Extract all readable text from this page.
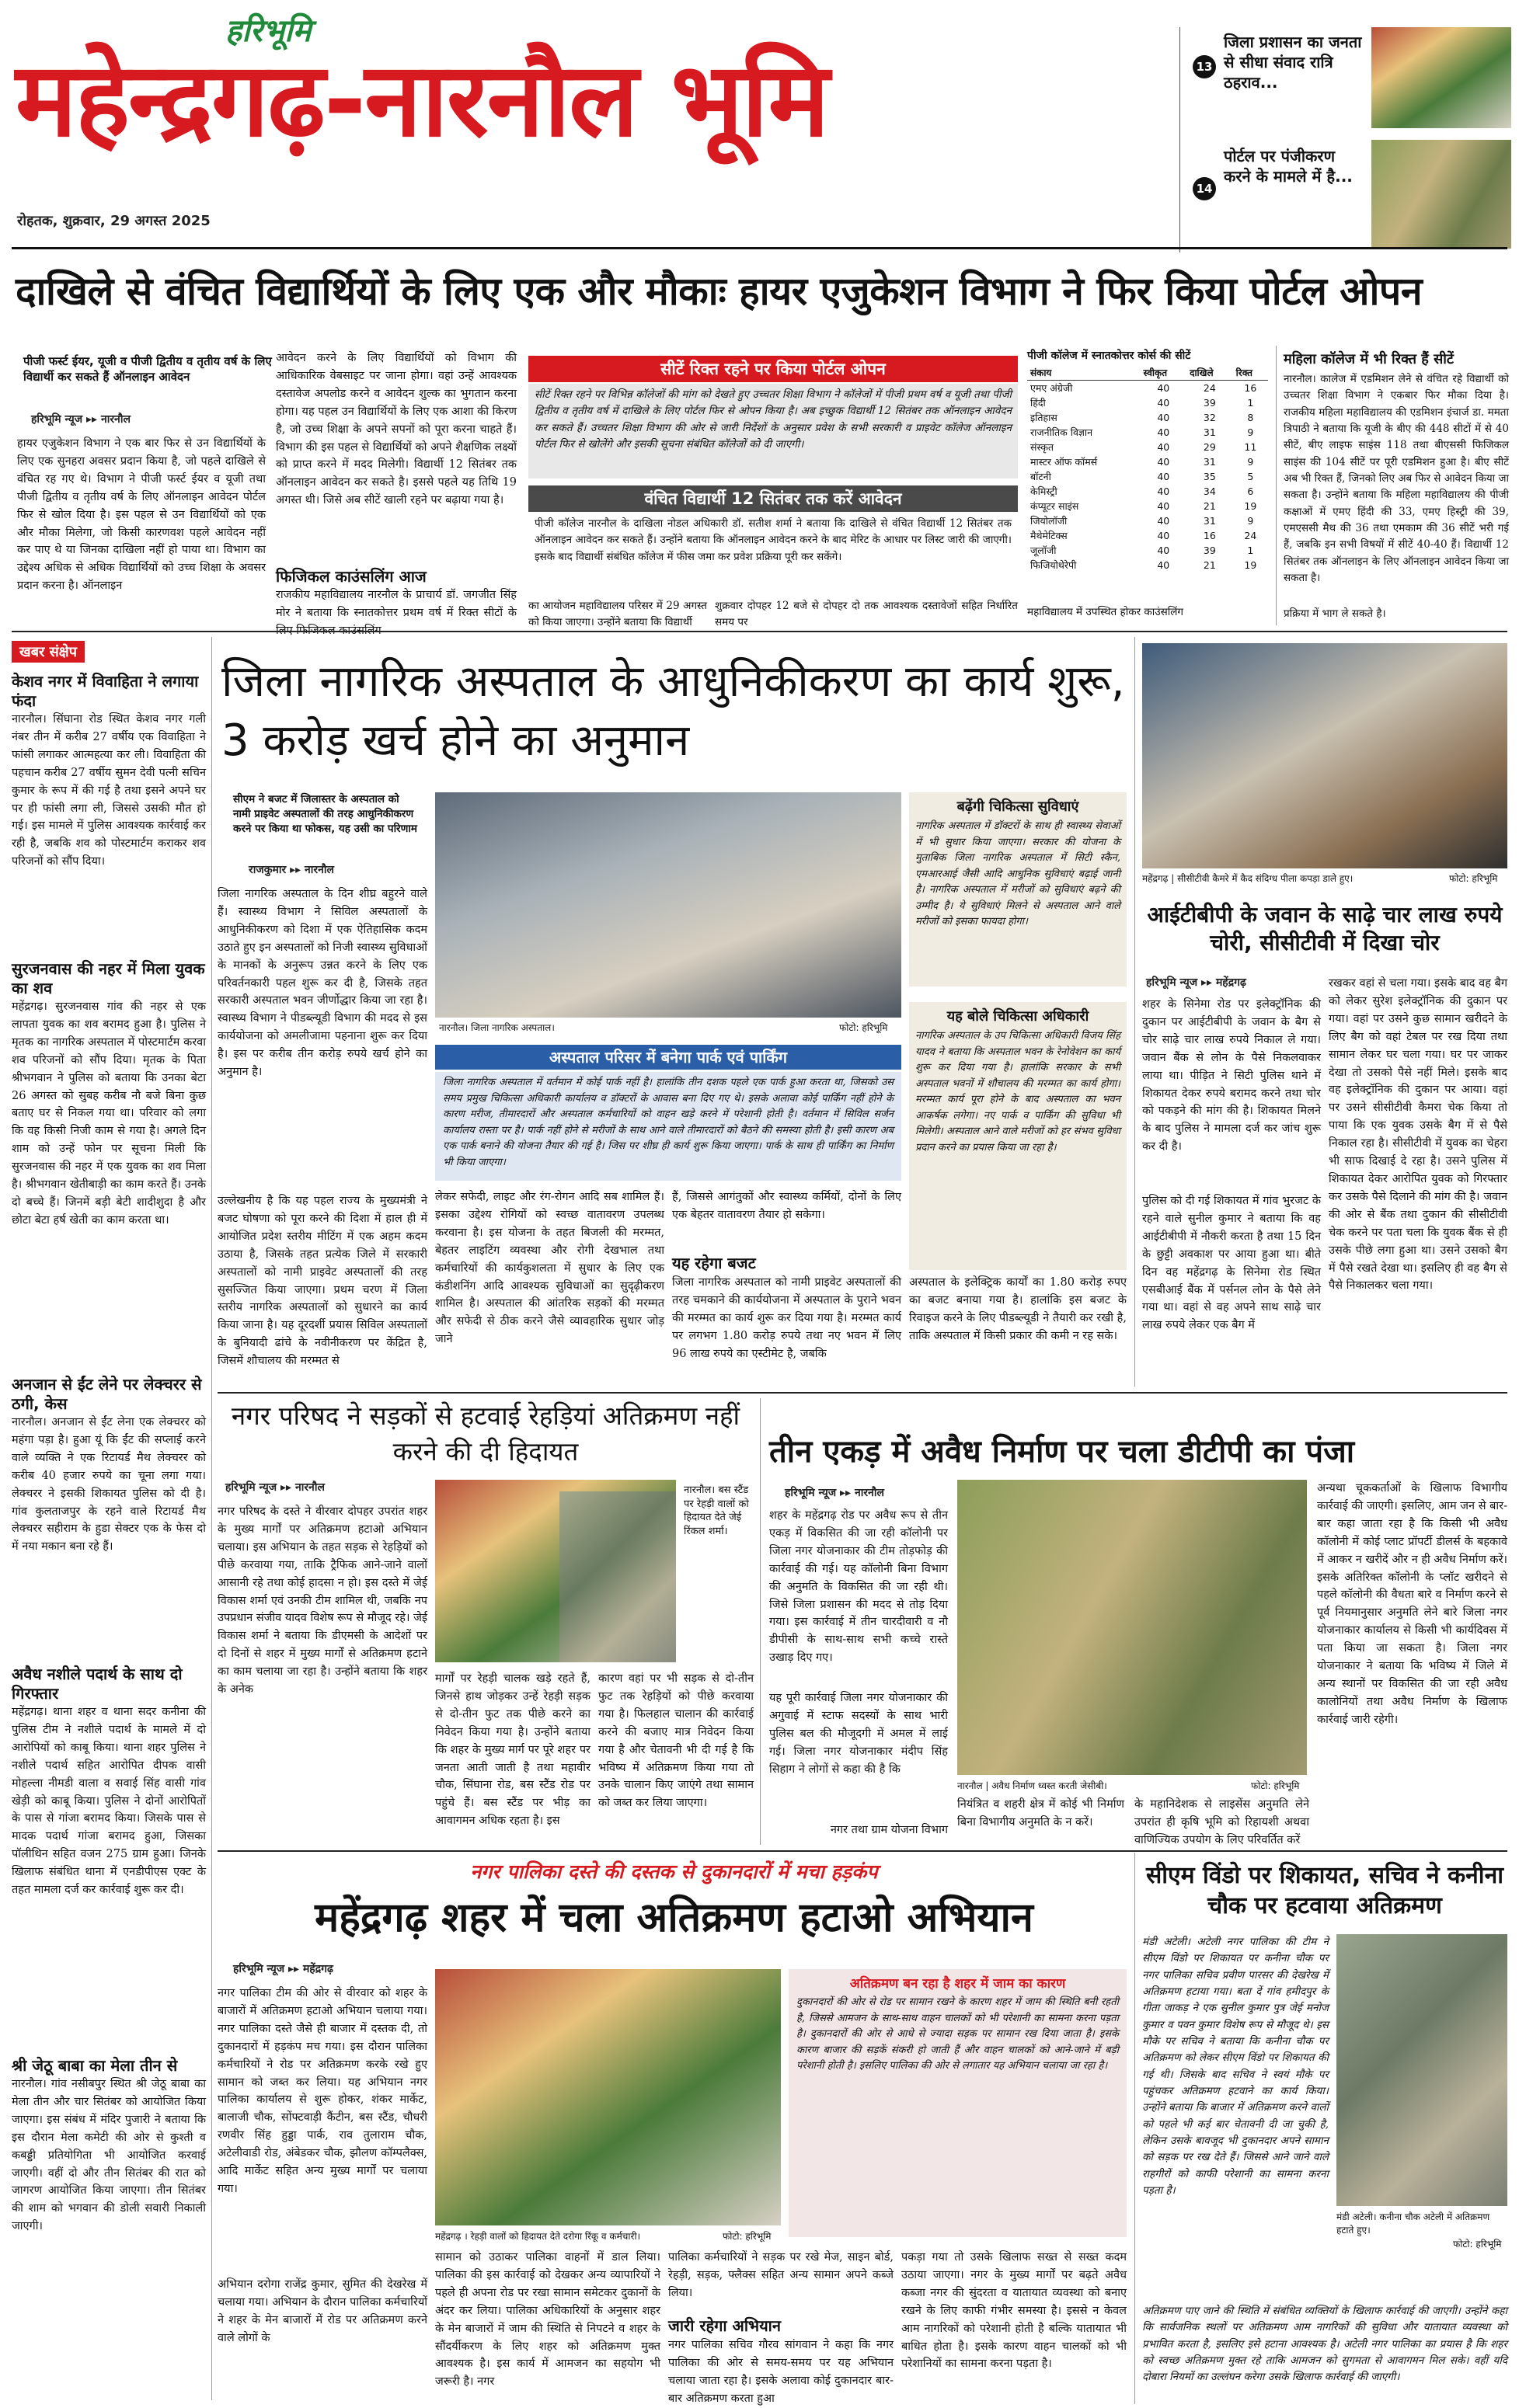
हरिभूमि
महेन्द्रगढ़-नारनौल भूमि
रोहतक, शुक्रवार, 29 अगस्त 2025
13
जिला प्रशासन का जनता से सीधा संवाद रात्रि ठहराव...
14
पोर्टल पर पंजीकरण करने के मामले में है...
दाखिले से वंचित विद्यार्थियों के लिए एक और मौकाः हायर एजुकेशन विभाग ने फिर किया पोर्टल ओपन
पीजी फर्स्ट ईयर, यूजी व पीजी द्वितीय व तृतीय वर्ष के लिए विद्यार्थी कर सकते हैं ऑनलाइन आवेदन
हरिभूमि न्यूज ▸▸ नारनौल
हायर एजुकेशन विभाग ने एक बार फिर से उन विद्यार्थियों के लिए एक सुनहरा अवसर प्रदान किया है, जो पहले दाखिले से वंचित रह गए थे। विभाग ने पीजी फर्स्ट ईयर व यूजी तथा पीजी द्वितीय व तृतीय वर्ष के लिए ऑनलाइन आवेदन पोर्टल फिर से खोल दिया है। इस पहल से उन विद्यार्थियों को एक और मौका मिलेगा, जो किसी कारणवश पहले आवेदन नहीं कर पाए थे या जिनका दाखिला नहीं हो पाया था। विभाग का उद्देश्य अधिक से अधिक विद्यार्थियों को उच्च शिक्षा के अवसर प्रदान करना है। ऑनलाइन
आवेदन करने के लिए विद्यार्थियों को विभाग की आधिकारिक वेबसाइट पर जाना होगा। वहां उन्हें आवश्यक दस्तावेज अपलोड करने व आवेदन शुल्क का भुगतान करना होगा। यह पहल उन विद्यार्थियों के लिए एक आशा की किरण है, जो उच्च शिक्षा के अपने सपनों को पूरा करना चाहते हैं। विभाग की इस पहल से विद्यार्थियों को अपने शैक्षणिक लक्ष्यों को प्राप्त करने में मदद मिलेगी। विद्यार्थी 12 सितंबर तक ऑनलाइन आवेदन कर सकते है। इससे पहले यह तिथि 19 अगस्त थी। जिसे अब सीटें खाली रहने पर बढ़ाया गया है।
फिजिकल काउंसलिंग आज
राजकीय महाविद्यालय नारनौल के प्राचार्य डॉ. जगजीत सिंह मोर ने बताया कि स्नातकोत्तर प्रथम वर्ष में रिक्त सीटों के
सीटें रिक्त रहने पर किया पोर्टल ओपन
सीटें रिक्त रहने पर विभिन्न कॉलेजों की मांग को देखते हुए उच्चतर शिक्षा विभाग ने कॉलेजों में पीजी प्रथम वर्ष व यूजी तथा पीजी द्वितीय व तृतीय वर्ष में दाखिले के लिए पोर्टल फिर से ओपन किया है। अब इच्छुक विद्यार्थी 12 सितंबर तक ऑनलाइन आवेदन कर सकते हैं। उच्चतर शिक्षा विभाग की ओर से जारी निर्देशों के अनुसार प्रवेश के सभी सरकारी व प्राइवेट कॉलेज ऑनलाइन पोर्टल फिर से खोलेंगे और इसकी सूचना संबंधित कॉलेजों को दी जाएगी।
वंचित विद्यार्थी 12 सितंबर तक करें आवेदन
पीजी कॉलेज नारनौल के दाखिला नोडल अधिकारी डॉ. सतीश शर्मा ने बताया कि दाखिले से वंचित विद्यार्थी 12 सितंबर तक ऑनलाइन आवेदन कर सकते हैं। उन्होंने बताया कि ऑनलाइन आवेदन करने के बाद मेरिट के आधार पर लिस्ट जारी की जाएगी। इसके बाद विद्यार्थी संबंधित कॉलेज में फीस जमा कर प्रवेश प्रक्रिया पूरी कर सकेंगे।
पीजी कॉलेज में स्नातकोत्तर कोर्स की सीटें
संकाय	स्वीकृत	दाखिले	रिक्त
एमए अंग्रेजी	40	24	16
हिंदी	40	39	1
इतिहास	40	32	8
राजनीतिक विज्ञान	40	31	9
संस्कृत	40	29	11
मास्टर ऑफ कॉमर्स	40	31	9
बॉटनी	40	35	5
केमिस्ट्री	40	34	6
कंप्यूटर साइंस	40	21	19
जियोलॉजी	40	31	9
मैथेमेटिक्स	40	16	24
जूलॉजी	40	39	1
फिजियोथेरेपी	40	21	19
का आयोजन महाविद्यालय परिसर में 29 अगस्त को किया जाएगा। उन्होंने बताया कि विद्यार्थी
शुक्रवार दोपहर 12 बजे से दोपहर दो तक आवश्यक दस्तावेजों सहित निर्धारित समय पर
महाविद्यालय में उपस्थित होकर काउंसलिंग
महिला कॉलेज में भी रिक्त हैं सीटें
नारनौल। कालेज में एडमिशन लेने से वंचित रहे विद्यार्थी को उच्चतर शिक्षा विभाग ने एकबार फिर मौका दिया है। राजकीय महिला महाविद्यालय की एडमिशन इंचार्ज डा. ममता त्रिपाठी ने बताया कि यूजी के बीए की 448 सीटों में से 40 सीटें, बीए लाइफ साइंस 118 तथा बीएससी फिजिकल साइंस की 104 सीटें पर पूरी एडमिशन हुआ है। बीए सीटें अब भी रिक्त हैं, जिनको लिए अब फिर से आवेदन किया जा सकता है। उन्होंने बताया कि महिला महाविद्यालय की पीजी कक्षाओं में एमए हिंदी की 33, एमए हिस्ट्री की 39, एमएससी मैथ की 36 तथा एमकाम की 36 सीटें भरी गई हैं, जबकि इन सभी विषयों में सीटें 40-40 हैं। विद्यार्थी 12 सितंबर तक ऑनलाइन के लिए ऑनलाइन आवेदन किया जा सकता है।
प्रक्रिया में भाग ले सकते है।
खबर संक्षेप
केशव नगर में विवाहिता ने लगाया फंदा
नारनौल। सिंघाना रोड स्थित केशव नगर गली नंबर तीन में करीब 27 वर्षीय एक विवाहिता ने फांसी लगाकर आत्महत्या कर ली। विवाहिता की पहचान करीब 27 वर्षीय सुमन देवी पत्नी सचिन कुमार के रूप में की गई है तथा इसने अपने घर पर ही फांसी लगा ली, जिससे उसकी मौत हो गई। इस मामले में पुलिस आवश्यक कार्रवाई कर रही है, जबकि शव को पोस्टमार्टम कराकर शव परिजनों को सौंप दिया।
सुरजनवास की नहर में मिला युवक का शव
महेंद्रगढ़। सुरजनवास गांव की नहर से एक लापता युवक का शव बरामद हुआ है। पुलिस ने मृतक का नागरिक अस्पताल में पोस्टमार्टम करवा शव परिजनों को सौंप दिया। मृतक के पिता श्रीभगवान ने पुलिस को बताया कि उनका बेटा 26 अगस्त को सुबह करीब नौ बजे बिना कुछ बताए घर से निकल गया था। परिवार को लगा कि वह किसी निजी काम से गया है। अगले दिन शाम को उन्हें फोन पर सूचना मिली कि सुरजनवास की नहर में एक युवक का शव मिला है। श्रीभगवान खेतीबाड़ी का काम करते हैं। उनके दो बच्चे हैं। जिनमें बड़ी बेटी शादीशुदा है और छोटा बेटा हर्ष खेती का काम करता था।
अनजान से ईंट लेने पर लेक्चरर से ठगी, केस
नारनौल। अनजान से ईंट लेना एक लेक्चरर को महंगा पड़ा है। हुआ यूं कि ईंट की सप्लाई करने वाले व्यक्ति ने एक रिटायर्ड मैथ लेक्चरर को करीब 40 हजार रुपये का चूना लगा गया। लेक्चरर ने इसकी शिकायत पुलिस को दी है। गांव कुलताजपुर के रहने वाले रिटायर्ड मैथ लेक्चरर सहीराम के हुडा सेक्टर एक के फेस दो में नया मकान बना रहे हैं।
अवैध नशीले पदार्थ के साथ दो गिरफ्तार
महेंद्रगढ़। थाना शहर व थाना सदर कनीना की पुलिस टीम ने नशीले पदार्थ के मामले में दो आरोपियों को काबू किया। थाना शहर पुलिस ने नशीले पदार्थ सहित आरोपित दीपक वासी मोहल्ला नीमडी वाला व सवाई सिंह वासी गांव खेड़ी को काबू किया। पुलिस ने दोनों आरोपितों के पास से गांजा बरामद किया। जिसके पास से मादक पदार्थ गांजा बरामद हुआ, जिसका पॉलीथिन सहित वजन 275 ग्राम हुआ। जिनके खिलाफ संबंधित थाना में एनडीपीएस एक्ट के तहत मामला दर्ज कर कार्रवाई शुरू कर दी।
श्री जेठू बाबा का मेला तीन से
नारनौल। गांव नसीबपुर स्थित श्री जेठू बाबा का मेला तीन और चार सितंबर को आयोजित किया जाएगा। इस संबंध में मंदिर पुजारी ने बताया कि इस दौरान मेला कमेटी की ओर से कुश्ती व कबड्डी प्रतियोगिता भी आयोजित करवाई जाएगी। वहीं दो और तीन सितंबर की रात को जागरण आयोजित किया जाएगा। तीन सितंबर की शाम को भगवान की डोली सवारी निकाली जाएगी।
जिला नागरिक अस्पताल के आधुनिकीकरण का कार्य शुरू, 3 करोड़ खर्च होने का अनुमान
सीएम ने बजट में जिलास्तर के अस्पताल को नामी प्राइवेट अस्पतालों की तरह आधुनिकीकरण करने पर किया था फोकस, यह उसी का परिणाम
राजकुमार ▸▸ नारनौल
नारनौल। जिला नागरिक अस्पताल।	फोटो: हरिभूमि
जिला नागरिक अस्पताल के दिन शीघ्र बहुरने वाले हैं। स्वास्थ्य विभाग ने सिविल अस्पतालों के आधुनिकीकरण को दिशा में एक ऐतिहासिक कदम उठाते हुए इन अस्पतालों को निजी स्वास्थ्य सुविधाओं के मानकों के अनुरूप उन्नत करने के लिए एक परिवर्तनकारी पहल शुरू कर दी है, जिसके तहत सरकारी अस्पताल भवन जीर्णोद्धार किया जा रहा है। स्वास्थ्य विभाग ने पीडब्ल्यूडी विभाग की मदद से इस कार्ययोजना को अमलीजामा पहनाना शुरू कर दिया है। इस पर करीब तीन करोड़ रुपये खर्च होने का अनुमान है।
उल्लेखनीय है कि यह पहल राज्य के मुख्यमंत्री ने बजट घोषणा को पूरा करने की दिशा में हाल ही में आयोजित प्रदेश स्तरीय मीटिंग में एक अहम कदम उठाया है, जिसके तहत प्रत्येक जिले में सरकारी अस्पतालों को नामी प्राइवेट अस्पतालों की तरह सुसज्जित किया जाएगा। प्रथम चरण में जिला स्तरीय नागरिक अस्पतालों को सुधारने का कार्य किया जाना है। यह दूरदर्शी प्रयास सिविल अस्पतालों के बुनियादी ढांचे के नवीनीकरण पर केंद्रित है, जिसमें शौचालय की मरम्मत से
अस्पताल परिसर में बनेगा पार्क एवं पार्किंग
जिला नागरिक अस्पताल में वर्तमान में कोई पार्क नहीं है। हालांकि तीन दशक पहले एक पार्क हुआ करता था, जिसको उस समय प्रमुख चिकित्सा अधिकारी कार्यालय व डॉक्टरों के आवास बना दिए गए थे। इसके अलावा कोई पार्किंग नहीं होने के कारण मरीज, तीमारदारों और अस्पताल कर्मचारियों को वाहन खड़े करने में परेशानी होती है। वर्तमान में सिविल सर्जन कार्यालय रास्ता पर है। पार्क नहीं होने से मरीजों के साथ आने वाले तीमारदारों को बैठने की समस्या होती है। इसी कारण अब एक पार्क बनाने की योजना तैयार की गई है। जिस पर शीघ्र ही कार्य शुरू किया जाएगा। पार्क के साथ ही पार्किंग का निर्माण भी किया जाएगा।
लेकर सफेदी, लाइट और रंग-रोगन आदि सब शामिल हैं। इसका उद्देश्य रोगियों को स्वच्छ वातावरण उपलब्ध करवाना है। इस योजना के तहत बिजली की मरम्मत, बेहतर लाइटिंग व्यवस्था और रोगी देखभाल तथा कर्मचारियों की कार्यकुशलता में सुधार के लिए एक कंडीशनिंग आदि आवश्यक सुविधाओं का सुदृढ़ीकरण शामिल है। अस्पताल की आंतरिक सड़कों की मरम्मत और सफेदी से ठीक करने जैसे व्यावहारिक सुधार जोड़ जाने
हैं, जिससे आगंतुकों और स्वास्थ्य कर्मियों, दोनों के लिए एक बेहतर वातावरण तैयार हो सकेगा।
यह रहेगा बजट
जिला नागरिक अस्पताल को नामी प्राइवेट अस्पतालों की तरह चमकाने की कार्ययोजना में अस्पताल के पुराने भवन की मरम्मत का कार्य शुरू कर दिया गया है। मरम्मत कार्य पर लगभग 1.80 करोड़ रुपये तथा नए भवन में लिए 96 लाख रुपये का एस्टीमेट है, जबकि
अस्पताल के इलेक्ट्रिक कार्यों का 1.80 करोड़ रुपए का बजट बनाया गया है। हालांकि इस बजट के रिवाइज करने के लिए पीडब्ल्यूडी ने तैयारी कर रखी है, ताकि अस्पताल में किसी प्रकार की कमी न रह सके।
बढ़ेंगी चिकित्सा सुविधाएं
नागरिक अस्पताल में डॉक्टरों के साथ ही स्वास्थ्य सेवाओं में भी सुधार किया जाएगा। सरकार की योजना के मुताबिक जिला नागरिक अस्पताल में सिटी स्कैन, एमआरआई जैसी आदि आधुनिक सुविधाएं बढ़ाई जानी है। नागरिक अस्पताल में मरीजों को सुविधाएं बढ़ने की उम्मीद है। ये सुविधाएं मिलने से अस्पताल आने वाले मरीजों को इसका फायदा होगा।
यह बोले चिकित्सा अधिकारी
नागरिक अस्पताल के उप चिकित्सा अधिकारी विजय सिंह यादव ने बताया कि अस्पताल भवन के रेनोवेशन का कार्य शुरू कर दिया गया है। हालांकि सरकार के सभी अस्पताल भवनों में शौचालय की मरम्मत का कार्य होगा। मरम्मत कार्य पूरा होने के बाद अस्पताल का भवन आकर्षक लगेगा। नए पार्क व पार्किंग की सुविधा भी मिलेगी। अस्पताल आने वाले मरीजों को हर संभव सुविधा प्रदान करने का प्रयास किया जा रहा है।
महेंद्रगढ़ | सीसीटीवी कैमरे में कैद संदिग्ध पीला कपड़ा डाले हुए।	फोटो: हरिभूमि
आईटीबीपी के जवान के साढ़े चार लाख रुपये चोरी, सीसीटीवी में दिखा चोर
हरिभूमि न्यूज ▸▸ महेंद्रगढ़
शहर के सिनेमा रोड पर इलेक्ट्रॉनिक की दुकान पर आईटीबीपी के जवान के बैग से चोर साढ़े चार लाख रुपये निकाल ले गया। जवान बैंक से लोन के पैसे निकलवाकर लाया था। पीड़ित ने सिटी पुलिस थाने में शिकायत देकर रुपये बरामद करने तथा चोर को पकड़ने की मांग की है। शिकायत मिलने के बाद पुलिस ने मामला दर्ज कर जांच शुरू कर दी है।
पुलिस को दी गई शिकायत में गांव भुरजट के रहने वाले सुनील कुमार ने बताया कि वह आईटीबीपी में नौकरी करता है तथा 15 दिन के छुट्टी अवकाश पर आया हुआ था। बीते दिन वह महेंद्रगढ़ के सिनेमा रोड स्थित एसबीआई बैंक में पर्सनल लोन के पैसे लेने गया था। वहां से वह अपने साथ साढ़े चार लाख रुपये लेकर एक बैग में
रखकर वहां से चला गया। इसके बाद वह बैग को लेकर सुरेश इलेक्ट्रॉनिक की दुकान पर गया। वहां पर उसने कुछ सामान खरीदने के लिए बैग को वहां टेबल पर रख दिया तथा सामान लेकर घर चला गया। घर पर जाकर देखा तो उसको पैसे नहीं मिले। इसके बाद वह इलेक्ट्रॉनिक की दुकान पर आया। वहां पर उसने सीसीटीवी कैमरा चेक किया तो पाया कि एक युवक उसके बैग में से पैसे निकाल रहा है। सीसीटीवी में युवक का चेहरा भी साफ दिखाई दे रहा है। उसने पुलिस में शिकायत देकर आरोपित युवक को गिरफ्तार कर उसके पैसे दिलाने की मांग की है। जवान की ओर से बैंक तथा दुकान की सीसीटीवी चेक करने पर पता चला कि युवक बैंक से ही उसके पीछे लगा हुआ था। उसने उसको बैग में पैसे रखते देखा था। इसलिए ही वह बैग से पैसे निकालकर चला गया।
नगर परिषद ने सड़कों से हटवाई रेहड़ियां अतिक्रमण नहीं करने की दी हिदायत
हरिभूमि न्यूज ▸▸ नारनौल	नारनौल। बस स्टैंड पर रेहड़ी वालों को हिदायत देते जेई रिंकल शर्मा।
नगर परिषद के दस्ते ने वीरवार दोपहर उपरांत शहर के मुख्य मार्गों पर अतिक्रमण हटाओ अभियान चलाया। इस अभियान के तहत सड़क से रेहड़ियों को पीछे करवाया गया, ताकि ट्रैफिक आने-जाने वालों आसानी रहे तथा कोई हादसा न हो। इस दस्ते में जेई विकास शर्मा एवं उनकी टीम शामिल थी, जबकि नप उपप्रधान संजीव यादव विशेष रूप से मौजूद रहे। जेई विकास शर्मा ने बताया कि डीएमसी के आदेशों पर दो दिनों से शहर में मुख्य मार्गों से अतिक्रमण हटाने का काम चलाया जा रहा है। उन्होंने बताया कि शहर के अनेक
मार्गों पर रेहड़ी चालक खड़े रहते हैं, जिनसे हाथ जोड़कर उन्हें रेहड़ी सड़क से दो-तीन फुट तक पीछे करने का निवेदन किया गया है। उन्होंने बताया कि शहर के मुख्य मार्ग पर पूरे शहर पर जनता आती जाती है तथा महावीर चौक, सिंघाना रोड, बस स्टैंड रोड पर पहुंचे हैं। बस स्टैंड पर भीड़ का आवागमन अधिक रहता है। इस
कारण वहां पर भी सड़क से दो-तीन फुट तक रेहड़ियों को पीछे करवाया गया है। फिलहाल चालान की कार्रवाई करने की बजाए मात्र निवेदन किया गया है और चेतावनी भी दी गई है कि भविष्य में अतिक्रमण किया गया तो उनके चालान किए जाएंगे तथा सामान को जब्त कर लिया जाएगा।
तीन एकड़ में अवैध निर्माण पर चला डीटीपी का पंजा
हरिभूमि न्यूज ▸▸ नारनौल
शहर के महेंद्रगढ़ रोड पर अवैध रूप से तीन एकड़ में विकसित की जा रही कॉलोनी पर जिला नगर योजनाकार की टीम तोड़फोड़ की कार्रवाई की गई। यह कॉलोनी बिना विभाग की अनुमति के विकसित की जा रही थी। जिसे जिला प्रशासन की मदद से तोड़ दिया गया। इस कार्रवाई में तीन चारदीवारी व नौ डीपीसी के साथ-साथ सभी कच्चे रास्ते उखाड़ दिए गए।
यह पूरी कार्रवाई जिला नगर योजनाकार की अगुवाई में स्टाफ सदस्यों के साथ भारी पुलिस बल की मौजूदगी में अमल में लाई गई। जिला नगर योजनाकार मंदीप सिंह सिहाग ने लोगों से कहा की है कि
नारनौल | अवैध निर्माण ध्वस्त करती जेसीबी।	फोटो: हरिभूमि
नियंत्रित व शहरी क्षेत्र में कोई भी निर्माण बिना विभागीय अनुमति के न करें।
नगर तथा ग्राम योजना विभाग
के महानिदेशक से लाइसेंस अनुमति लेने उपरांत ही कृषि भूमि को रिहायशी अथवा वाणिज्यिक उपयोग के लिए परिवर्तित करें
अन्यथा चूककर्ताओं के खिलाफ विभागीय कार्रवाई की जाएगी। इसलिए, आम जन से बार-बार कहा जाता रहा है कि किसी भी अवैध कॉलोनी में कोई प्लाट प्रॉपर्टी डीलर्स के बहकावे में आकर न खरीदें और न ही अवैध निर्माण करें। इसके अतिरिक्त कॉलोनी के प्लॉट खरीदने से पहले कॉलोनी की वैधता बारे व निर्माण करने से पूर्व नियमानुसार अनुमति लेने बारे जिला नगर योजनाकार कार्यालय से किसी भी कार्यदिवस में पता किया जा सकता है। जिला नगर योजनाकार ने बताया कि भविष्य में जिले में अन्य स्थानों पर विकसित की जा रही अवैध कालोनियों तथा अवैध निर्माण के खिलाफ कार्रवाई जारी रहेगी।
नगर पालिका दस्ते की दस्तक से दुकानदारों में मचा हड़कंप
महेंद्रगढ़ शहर में चला अतिक्रमण हटाओ अभियान
हरिभूमि न्यूज ▸▸ महेंद्रगढ़
नगर पालिका टीम की ओर से वीरवार को शहर के बाजारों में अतिक्रमण हटाओ अभियान चलाया गया। नगर पालिका दस्ते जैसे ही बाजार में दस्तक दी, तो दुकानदारों में हड़कंप मच गया। इस दौरान पालिका कर्मचारियों ने रोड पर अतिक्रमण करके रखे हुए सामान को जब्त कर लिया। यह अभियान नगर पालिका कार्यालय से शुरू होकर, शंकर मार्केट, बालाजी चौक, सोंफ्टवाड़ी कैंटीन, बस स्टैंड, चौधरी रणवीर सिंह हुड्डा पार्क, राव तुलाराम चौक, अटेलीवाडी रोड, अंबेडकर चौक, झौलण कॉम्पलैक्स, आदि मार्केट सहित अन्य मुख्य मार्गों पर चलाया गया।
अभियान दरोगा राजेंद्र कुमार, सुमित की देखरेख में चलाया गया। अभियान के दौरान पालिका कर्मचारियों ने शहर के मेन बाजारों में रोड पर अतिक्रमण करने वाले लोगों के
महेंद्रगढ़ । रेहड़ी वालों को हिदायत देते दरोगा रिंकू व कर्मचारी।	फोटो: हरिभूमि
सामान को उठाकर पालिका वाहनों में डाल लिया। पालिका की इस कार्रवाई को देखकर अन्य व्यापारियों ने पहले ही अपना रोड पर रखा सामान समेटकर दुकानों के अंदर कर लिया। पालिका अधिकारियों के अनुसार शहर के मेन बाजारों में जाम की स्थिति से निपटने व शहर के सौंदर्यीकरण के लिए शहर को अतिक्रमण मुक्त आवश्यक है। इस कार्य में आमजन का सहयोग भी जरूरी है। नगर
पालिका कर्मचारियों ने सड़क पर रखे मेज, साइन बोर्ड, रेहड़ी, सड़क, फ्लैक्स सहित अन्य सामान अपने कब्जे लिया।
जारी रहेगा अभियान
नगर पालिका सचिव गौरव सांगवान ने कहा कि नगर पालिका की ओर से समय-समय पर यह अभियान चलाया जाता रहा है। इसके अलावा कोई दुकानदार बार-बार अतिक्रमण करता हुआ
अतिक्रमण बन रहा है शहर में जाम का कारण
दुकानदारों की ओर से रोड पर सामान रखने के कारण शहर में जाम की स्थिति बनी रहती है, जिससे आमजन के साथ-साथ वाहन चालकों को भी परेशानी का सामना करना पड़ता है। दुकानदारों की ओर से आधे से ज्यादा सड़क पर सामान रख दिया जाता है। इसके कारण बाजार की सड़कें संकरी हो जाती हैं और वाहन चालकों को आने-जाने में बड़ी परेशानी होती है। इसलिए पालिका की ओर से लगातार यह अभियान चलाया जा रहा है।
पकड़ा गया तो उसके खिलाफ सख्त से सख्त कदम उठाया जाएगा। नगर के मुख्य मार्गों पर बढ़ते अवैध कब्जा नगर की सुंदरता व यातायात व्यवस्था को बनाए रखने के लिए काफी गंभीर समस्या है। इससे न केवल आम नागरिकों को परेशानी होती है बल्कि यातायात भी बाधित होता है। इसके कारण वाहन चालकों को भी परेशानियों का सामना करना पड़ता है।
सीएम विंडो पर शिकायत, सचिव ने कनीना चौक पर हटवाया अतिक्रमण
मंडी अटेली। अटेली नगर पालिका की टीम ने सीएम विंडो पर शिकायत पर कनीना चौक पर नगर पालिका सचिव प्रवीण पारसर की देखरेख में अतिक्रमण हटाया गया। बता दें गांव हमीदपुर के गीता जाकड़ ने एक सुनील कुमार पुत्र जेई मनोज कुमार व पवन कुमार विशेष रूप से मौजूद थे। इस मौके पर सचिव ने बताया कि कनीना चौक पर अतिक्रमण को लेकर सीएम विंडो पर शिकायत की गई थी। जिसके बाद सचिव ने स्वयं मौके पर पहुंचकर अतिक्रमण हटवाने का कार्य किया। उन्होंने बताया कि बाजार में अतिक्रमण करने वालों को पहले भी कई बार चेतावनी दी जा चुकी है, लेकिन उसके बावजूद भी दुकानदार अपने सामान को सड़क पर रख देते हैं। जिससे आने जाने वाले राहगीरों को काफी परेशानी का सामना करना पड़ता है।
मंडी अटेली। कनीना चौक अटेली में अतिक्रमण हटाते हुए।
फोटो: हरिभूमि
अतिक्रमण पाए जाने की स्थिति में संबंधित व्यक्तियों के खिलाफ कार्रवाई की जाएगी। उन्होंने कहा कि सार्वजनिक स्थलों पर अतिक्रमण आम नागरिकों की सुविधा और यातायात व्यवस्था को प्रभावित करता है, इसलिए इसे हटाना आवश्यक है। अटेली नगर पालिका का प्रयास है कि शहर को स्वच्छ अतिक्रमण मुक्त रहे ताकि आमजन को सुगमता से आवागमन मिल सके। वहीं यदि दोबारा नियमों का उल्लंघन करेगा उसके खिलाफ कार्रवाई की जाएगी।
